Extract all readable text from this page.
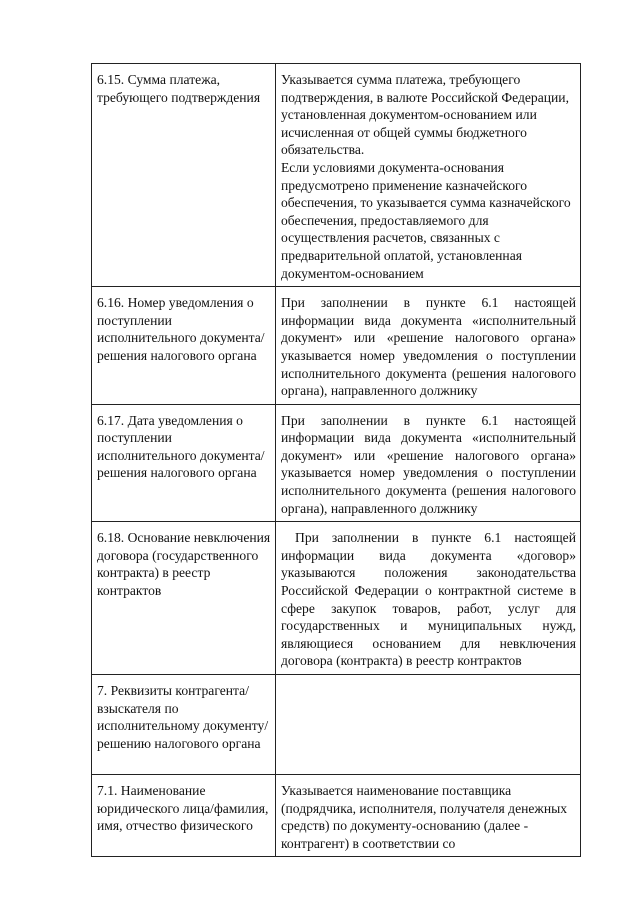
6.15. Сумма платежа, требующего подтверждения	Указывается сумма платежа, требующего подтверждения, в валюте Российской Федерации, установленная документом-основанием или исчисленная от общей суммы бюджетного обязательства.

Если условиями документа-основания предусмотрено применение казначейского обеспечения, то указывается сумма казначейского обеспечения, предоставляемого для осуществления расчетов, связанных с предварительной оплатой, установленная документом-основанием

6.16. Номер уведомления о поступлении исполнительного документа/решения налогового органа	При заполнении в пункте 6.1 настоящей информации вида документа «исполнительный документ» или «решение налогового органа» указывается номер уведомления о поступлении исполнительного документа (решения налогового органа), направленного должнику

6.17. Дата уведомления о поступлении исполнительного документа/решения налогового органа	При заполнении в пункте 6.1 настоящей информации вида документа «исполнительный документ» или «решение налогового органа» указывается номер уведомления о поступлении исполнительного документа (решения налогового органа), направленного должнику

6.18. Основание невключения договора (государственного контракта) в реестр контрактов	При заполнении в пункте 6.1 настоящей информации вида документа «договор» указываются положения законодательства Российской Федерации о контрактной системе в сфере закупок товаров, работ, услуг для государственных и муниципальных нужд, являющиеся основанием для невключения договора (контракта) в реестр контрактов

7. Реквизиты контрагента/взыскателя по исполнительному документу/решению налогового органа	

7.1. Наименование юридического лица/фамилия, имя, отчество физического	Указывается наименование поставщика (подрядчика, исполнителя, получателя денежных средств) по документу-основанию (далее - контрагент) в соответствии со
